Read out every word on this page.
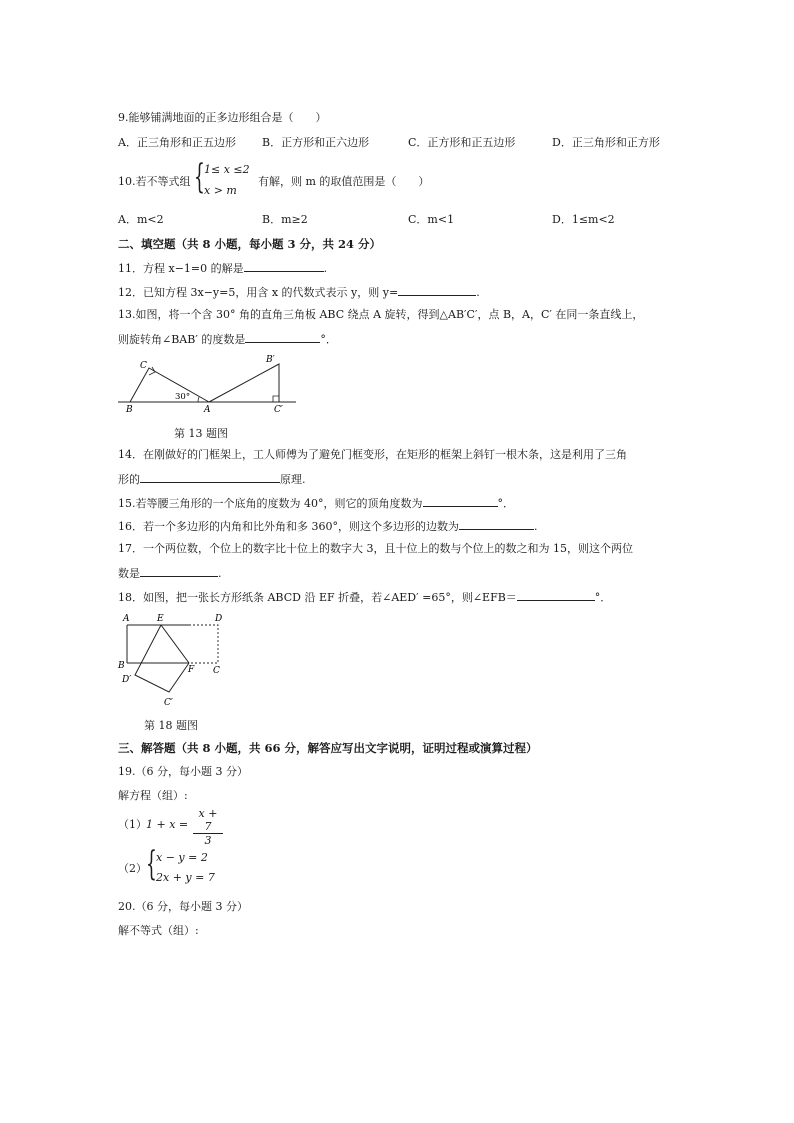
9.能够铺满地面的正多边形组合是（　　）
A．正三角形和正五边形 B．正方形和正六边形	C．正方形和正五边形	D．正三角形和正方形
10.若不等式组 { 1≤ x ≤2
x > m
有解，则 m 的取值范围是（　　）
A．m<2	B．m≥2	C．m<1	D．1≤m<2
二、填空题（共 8 小题，每小题 3 分，共 24 分）
11．方程 x−1=0 的解是	.
12．已知方程 3x−y=5，用含 x 的代数式表示 y，则 y=	.
13.如图，将一个含 30° 角的直角三角板 ABC 绕点 A 旋转，得到△AB′C′，点 B，A，C′ 在同一条直线上，
则旋转角∠BAB′ 的度数是	°．
C
B	A
30°
B′
C′
第 13 题图
14．在刚做好的门框架上，工人师傅为了避免门框变形，在矩形的框架上斜钉一根木条，这是利用了三角
形的	原理.
15.若等腰三角形的一个底角的度数为 40°，则它的顶角度数为	°．
16．若一个多边形的内角和比外角和多 360°，则这个多边形的边数为	.
17．一个两位数，个位上的数字比十位上的数字大 3，且十位上的数与个位上的数之和为 15，则这个两位
数是	.
18．如图，把一张长方形纸条 ABCD 沿 EF 折叠，若∠AED′ =65°，则∠EFB＝	°．
A	E	D
B	F C
D′
C′
第 18 题图
三、解答题（共 8 小题，共 66 分，解答应写出文字说明，证明过程或演算过程）
19.（6 分，每小题 3 分）
解方程（组）:
（1） $1 + x = \frac{x + 7}{3}$
（2） { x − y = 2
2x + y = 7
20.（6 分，每小题 3 分）
解不等式（组）:
